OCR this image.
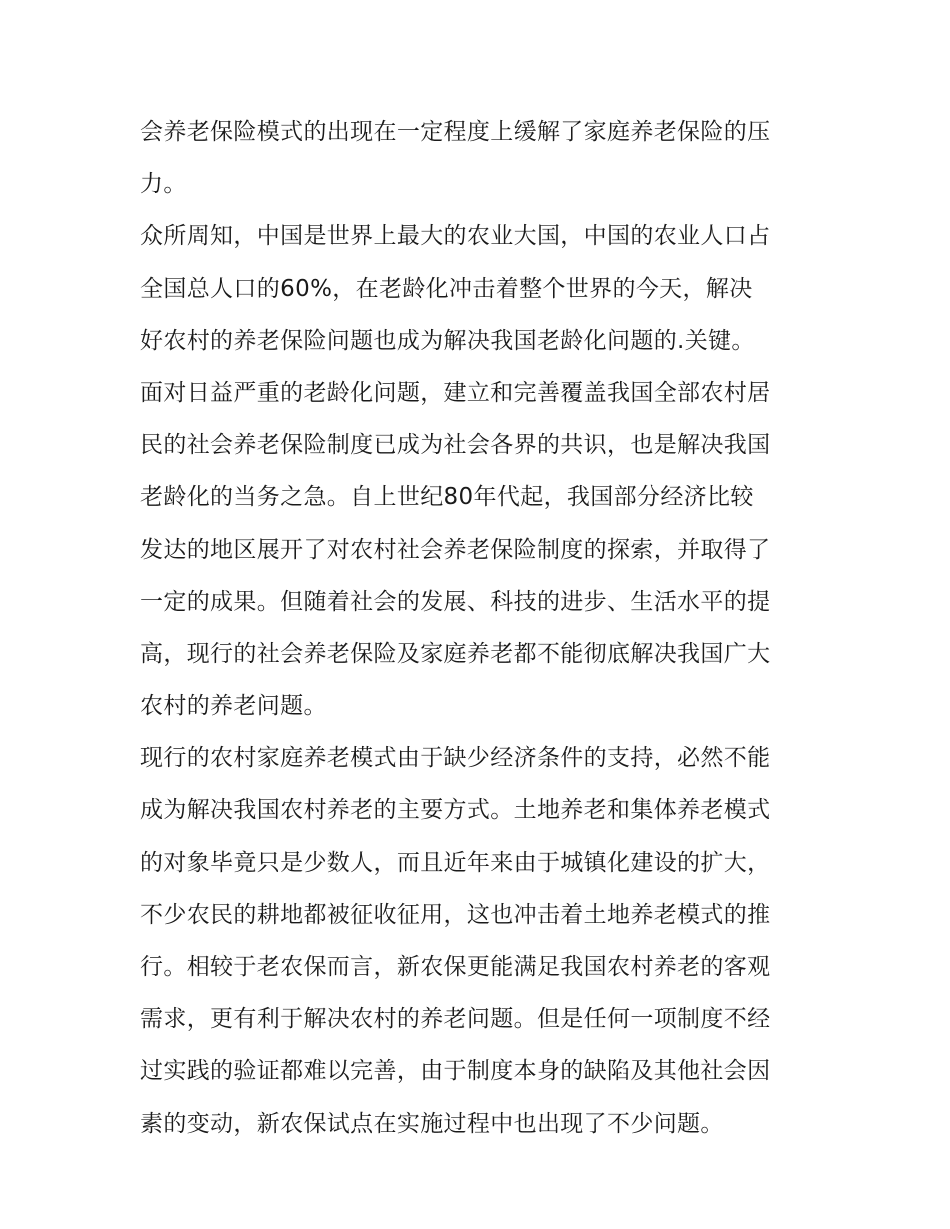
会养老保险模式的出现在一定程度上缓解了家庭养老保险的压
力。
众所周知，中国是世界上最大的农业大国，中国的农业人口占
全国总人口的60%，在老龄化冲击着整个世界的今天，解决
好农村的养老保险问题也成为解决我国老龄化问题的.关键。
面对日益严重的老龄化问题，建立和完善覆盖我国全部农村居
民的社会养老保险制度已成为社会各界的共识，也是解决我国
老龄化的当务之急。自上世纪80年代起，我国部分经济比较
发达的地区展开了对农村社会养老保险制度的探索，并取得了
一定的成果。但随着社会的发展、科技的进步、生活水平的提
高，现行的社会养老保险及家庭养老都不能彻底解决我国广大
农村的养老问题。
现行的农村家庭养老模式由于缺少经济条件的支持，必然不能
成为解决我国农村养老的主要方式。土地养老和集体养老模式
的对象毕竟只是少数人，而且近年来由于城镇化建设的扩大，
不少农民的耕地都被征收征用，这也冲击着土地养老模式的推
行。相较于老农保而言，新农保更能满足我国农村养老的客观
需求，更有利于解决农村的养老问题。但是任何一项制度不经
过实践的验证都难以完善，由于制度本身的缺陷及其他社会因
素的变动，新农保试点在实施过程中也出现了不少问题。
